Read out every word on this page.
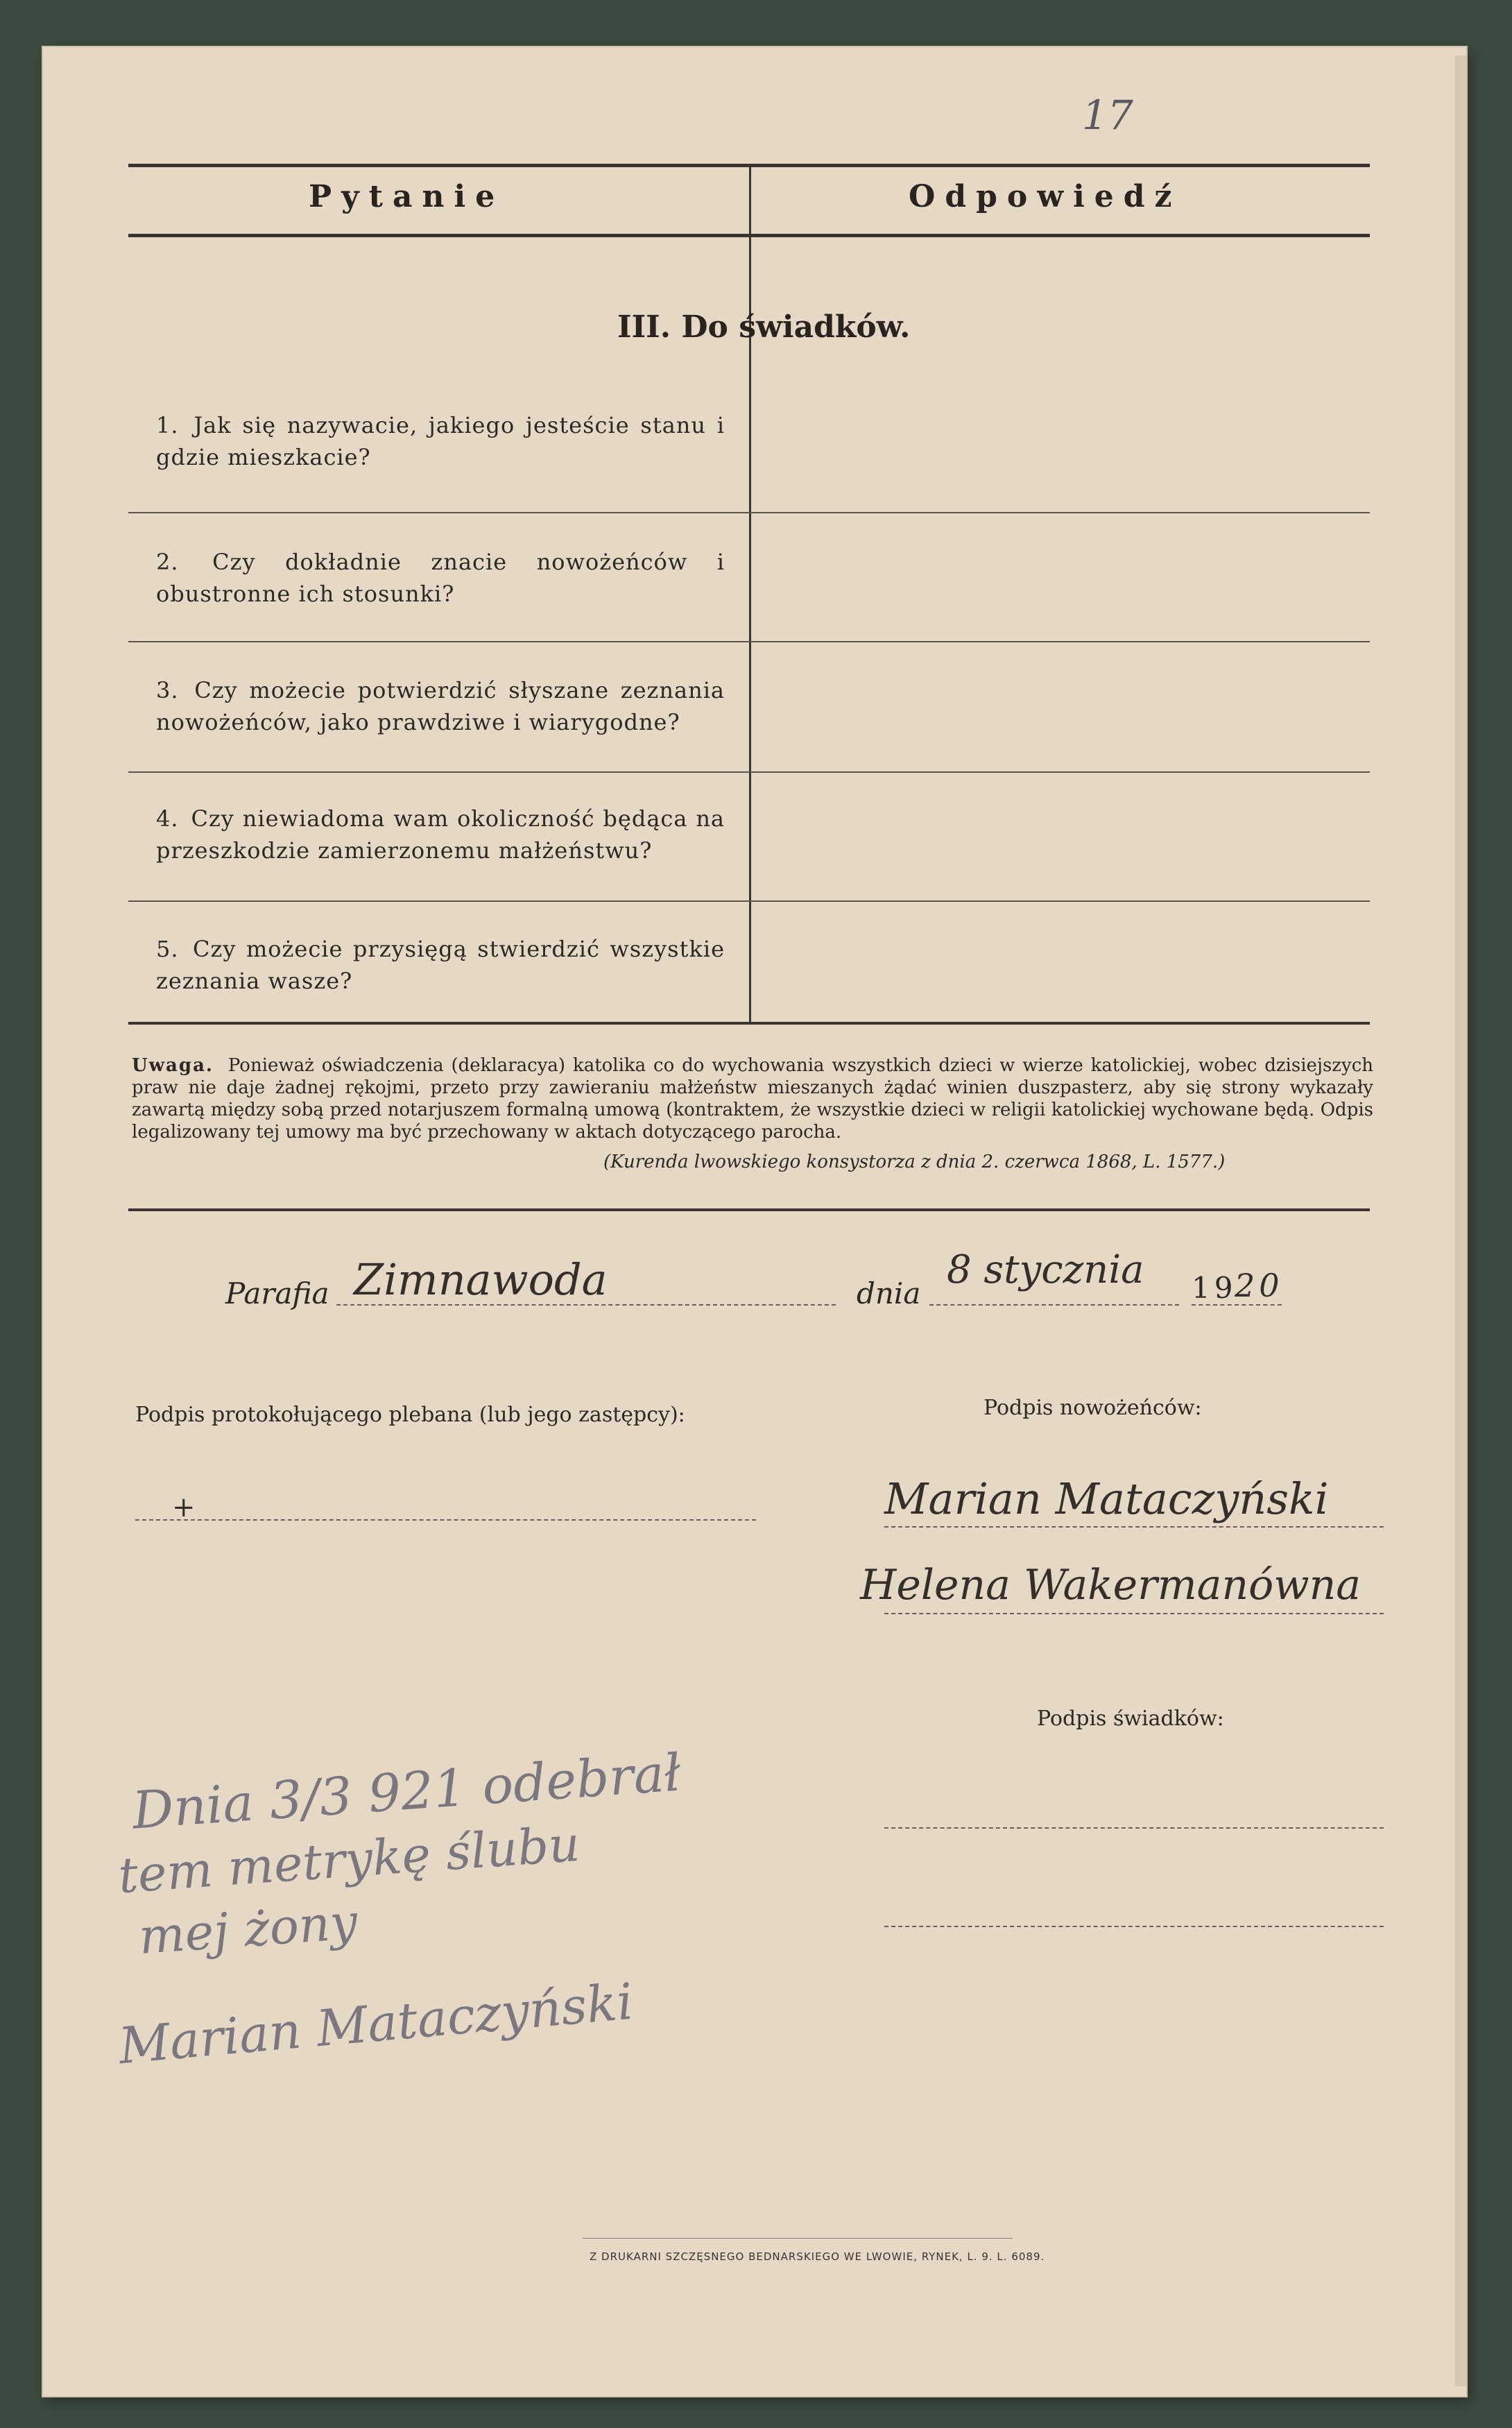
17
Pytanie	Odpowiedź
III. Do świadków.
1. Jak się nazywacie, jakiego jesteście stanu i gdzie mieszkacie?
2. Czy dokładnie znacie nowożeńców i obustronne ich stosunki?
3. Czy możecie potwierdzić słyszane zeznania nowożeńców, jako prawdziwe i wiarygodne?
4. Czy niewiadoma wam okoliczność będąca na przeszkodzie zamierzonemu małżeństwu?
5. Czy możecie przysięgą stwierdzić wszystkie zeznania wasze?
Uwaga. Ponieważ oświadczenia (deklaracya) katolika co do wychowania wszystkich dzieci w wierze katolickiej, wobec dzisiejszych praw nie daje żadnej rękojmi, przeto przy zawieraniu małżeństw mieszanych żądać winien duszpasterz, aby się strony wykazały zawartą między sobą przed notarjuszem formalną umową (kontraktem, że wszystkie dzieci w religii katolickiej wychowane będą. Odpis legalizowany tej umowy ma być przechowany w aktach dotyczącego parocha.
(Kurenda lwowskiego konsystorza z dnia 2. czerwca 1868, L. 1577.)
Parafia Zimnawoda	dnia
8 stycznia 19
20
Podpis protokołującego plebana (lub jego zastępcy):
+
Podpis nowożeńców:
Marian Mataczyński
Helena Wakermanówna
Podpis świadków:
Dnia 3/3 921 odebrał
tem metrykę ślubu
mej żony
Marian Mataczyński
Z DRUKARNI SZCZĘSNEGO BEDNARSKIEGO WE LWOWIE, RYNEK, L. 9. L. 6089.
